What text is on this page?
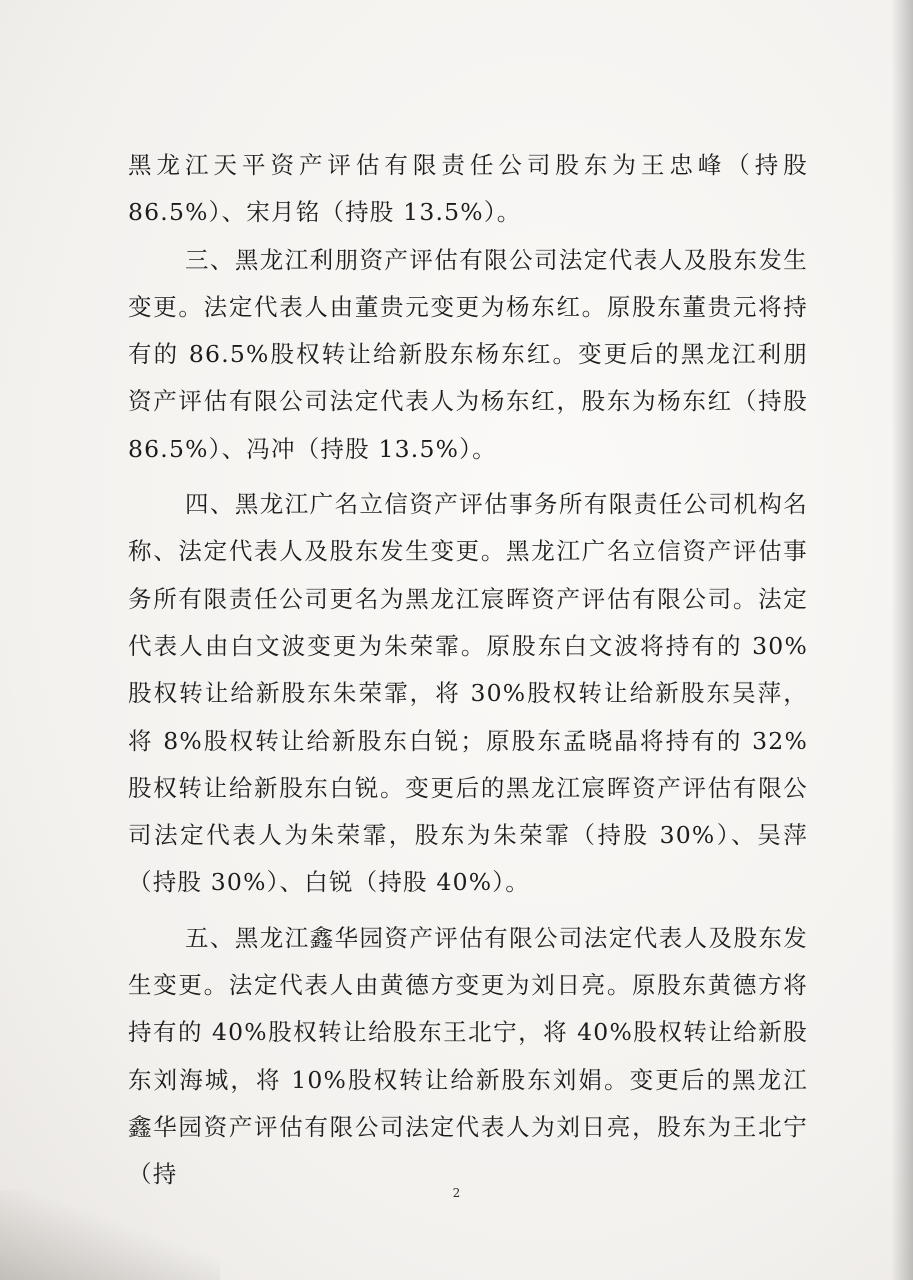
黑龙江天平资产评估有限责任公司股东为王忠峰（持股 86.5%）、宋月铭（持股 13.5%）。

三、黑龙江利朋资产评估有限公司法定代表人及股东发生变更。法定代表人由董贵元变更为杨东红。原股东董贵元将持有的 86.5%股权转让给新股东杨东红。变更后的黑龙江利朋资产评估有限公司法定代表人为杨东红，股东为杨东红（持股 86.5%）、冯冲（持股 13.5%）。

四、黑龙江广名立信资产评估事务所有限责任公司机构名称、法定代表人及股东发生变更。黑龙江广名立信资产评估事务所有限责任公司更名为黑龙江宸晖资产评估有限公司。法定代表人由白文波变更为朱荣霏。原股东白文波将持有的 30%股权转让给新股东朱荣霏，将 30%股权转让给新股东吴萍，将 8%股权转让给新股东白锐；原股东孟晓晶将持有的 32%股权转让给新股东白锐。变更后的黑龙江宸晖资产评估有限公司法定代表人为朱荣霏，股东为朱荣霏（持股 30%）、吴萍（持股 30%）、白锐（持股 40%）。

五、黑龙江鑫华园资产评估有限公司法定代表人及股东发生变更。法定代表人由黄德方变更为刘日亮。原股东黄德方将持有的 40%股权转让给股东王北宁，将 40%股权转让给新股东刘海城，将 10%股权转让给新股东刘娟。变更后的黑龙江鑫华园资产评估有限公司法定代表人为刘日亮，股东为王北宁（持

2
